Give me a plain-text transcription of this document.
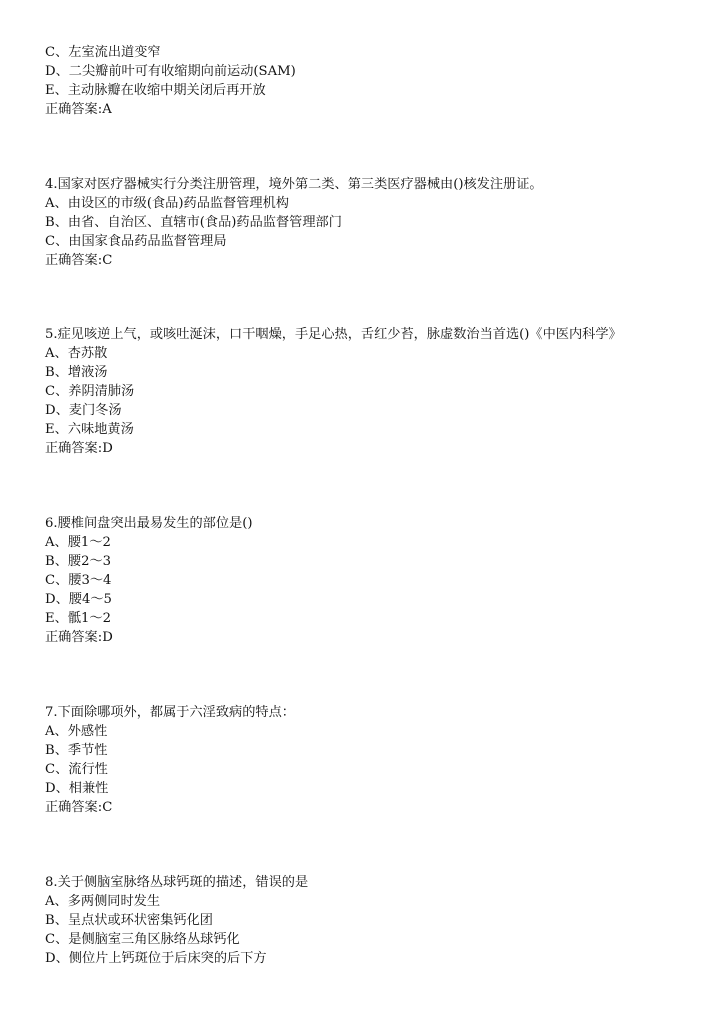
C、左室流出道变窄
D、二尖瓣前叶可有收缩期向前运动(SAM)
E、主动脉瓣在收缩中期关闭后再开放
正确答案:A
4.国家对医疗器械实行分类注册管理，境外第二类、第三类医疗器械由()核发注册证。
A、由设区的市级(食品)药品监督管理机构
B、由省、自治区、直辖市(食品)药品监督管理部门
C、由国家食品药品监督管理局
正确答案:C
5.症见咳逆上气，或咳吐涎沫，口干咽燥，手足心热，舌红少苔，脉虚数治当首选()《中医内科学》
A、杏苏散
B、增液汤
C、养阴清肺汤
D、麦门冬汤
E、六味地黄汤
正确答案:D
6.腰椎间盘突出最易发生的部位是()
A、腰1～2
B、腰2～3
C、腰3～4
D、腰4～5
E、骶1～2
正确答案:D
7.下面除哪项外，都属于六淫致病的特点：
A、外感性
B、季节性
C、流行性
D、相兼性
正确答案:C
8.关于侧脑室脉络丛球钙斑的描述，错误的是
A、多两侧同时发生
B、呈点状或环状密集钙化团
C、是侧脑室三角区脉络丛球钙化
D、侧位片上钙斑位于后床突的后下方
